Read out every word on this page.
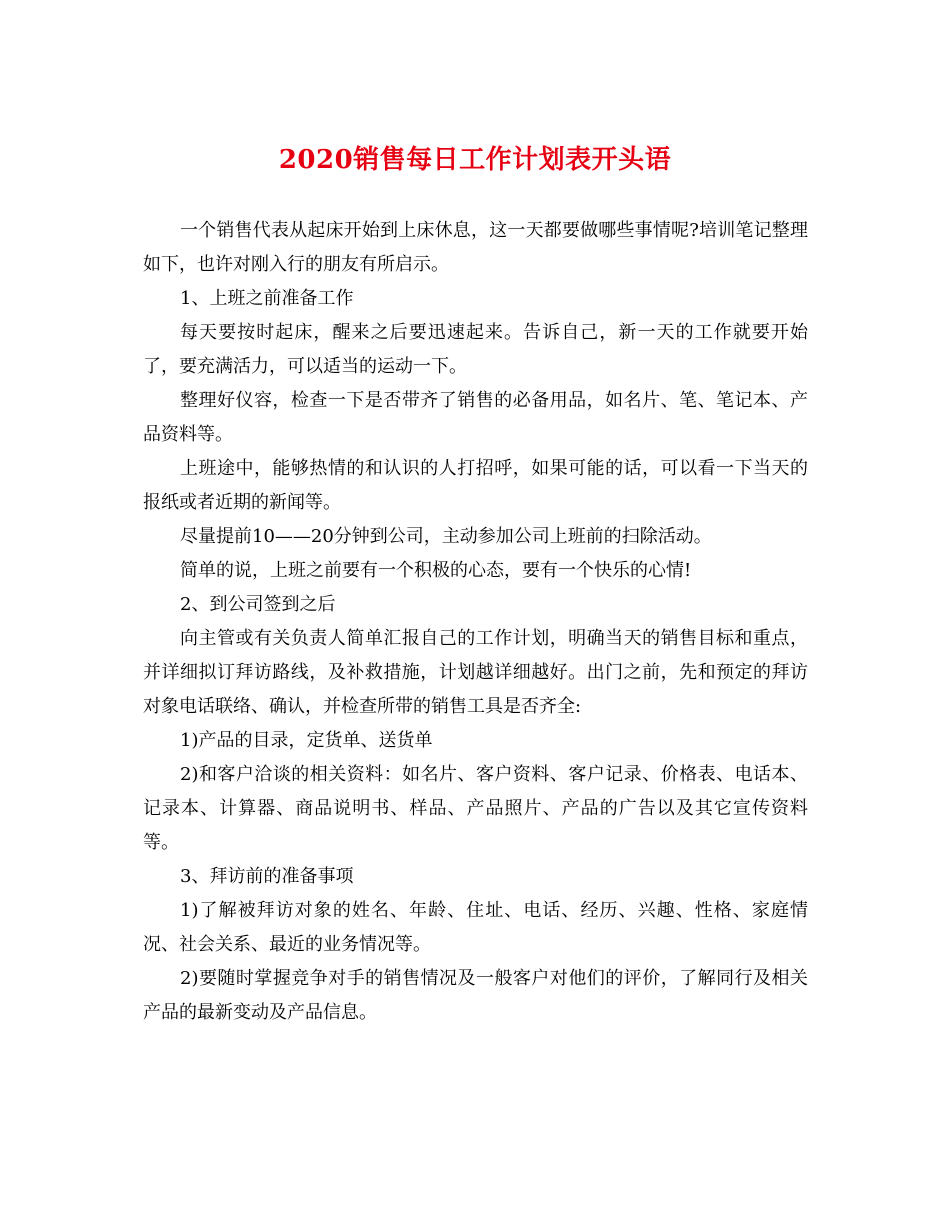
2020销售每日工作计划表开头语

一个销售代表从起床开始到上床休息，这一天都要做哪些事情呢?培训笔记整理如下，也许对刚入行的朋友有所启示。

1、上班之前准备工作

每天要按时起床，醒来之后要迅速起来。告诉自己，新一天的工作就要开始了，要充满活力，可以适当的运动一下。

整理好仪容，检查一下是否带齐了销售的必备用品，如名片、笔、笔记本、产品资料等。

上班途中，能够热情的和认识的人打招呼，如果可能的话，可以看一下当天的报纸或者近期的新闻等。

尽量提前10——20分钟到公司，主动参加公司上班前的扫除活动。

简单的说，上班之前要有一个积极的心态，要有一个快乐的心情!

2、到公司签到之后

向主管或有关负责人简单汇报自己的工作计划，明确当天的销售目标和重点，并详细拟订拜访路线，及补救措施，计划越详细越好。出门之前，先和预定的拜访对象电话联络、确认，并检查所带的销售工具是否齐全:

1)产品的目录，定货单、送货单

2)和客户洽谈的相关资料：如名片、客户资料、客户记录、价格表、电话本、记录本、计算器、商品说明书、样品、产品照片、产品的广告以及其它宣传资料等。

3、拜访前的准备事项

1)了解被拜访对象的姓名、年龄、住址、电话、经历、兴趣、性格、家庭情况、社会关系、最近的业务情况等。

2)要随时掌握竞争对手的销售情况及一般客户对他们的评价，了解同行及相关产品的最新变动及产品信息。
